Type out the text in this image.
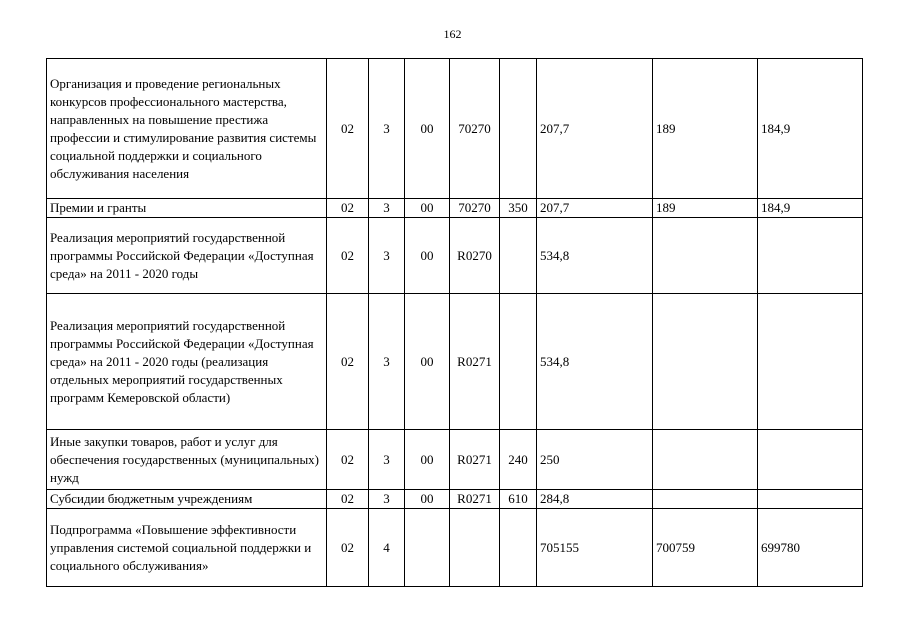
162
Организация и проведение региональных конкурсов профессионального мастерства, направленных на повышение престижа профессии и стимулирование развития системы социальной поддержки и социального обслуживания населения	02	3	00	70270		207,7	189	184,9
Премии и гранты	02	3	00	70270	350	207,7	189	184,9
Реализация мероприятий государственной программы Российской Федерации «Доступная среда» на 2011 - 2020 годы	02	3	00	R0270		534,8		
Реализация мероприятий государственной программы Российской Федерации «Доступная среда» на 2011 - 2020 годы (реализация отдельных мероприятий государственных программ Кемеровской области)	02	3	00	R0271		534,8		
Иные закупки товаров, работ и услуг для обеспечения государственных (муниципальных) нужд	02	3	00	R0271	240	250		
Субсидии бюджетным учреждениям	02	3	00	R0271	610	284,8		
Подпрограмма «Повышение эффективности управления системой социальной поддержки и социального обслуживания»	02	4				705155	700759	699780
